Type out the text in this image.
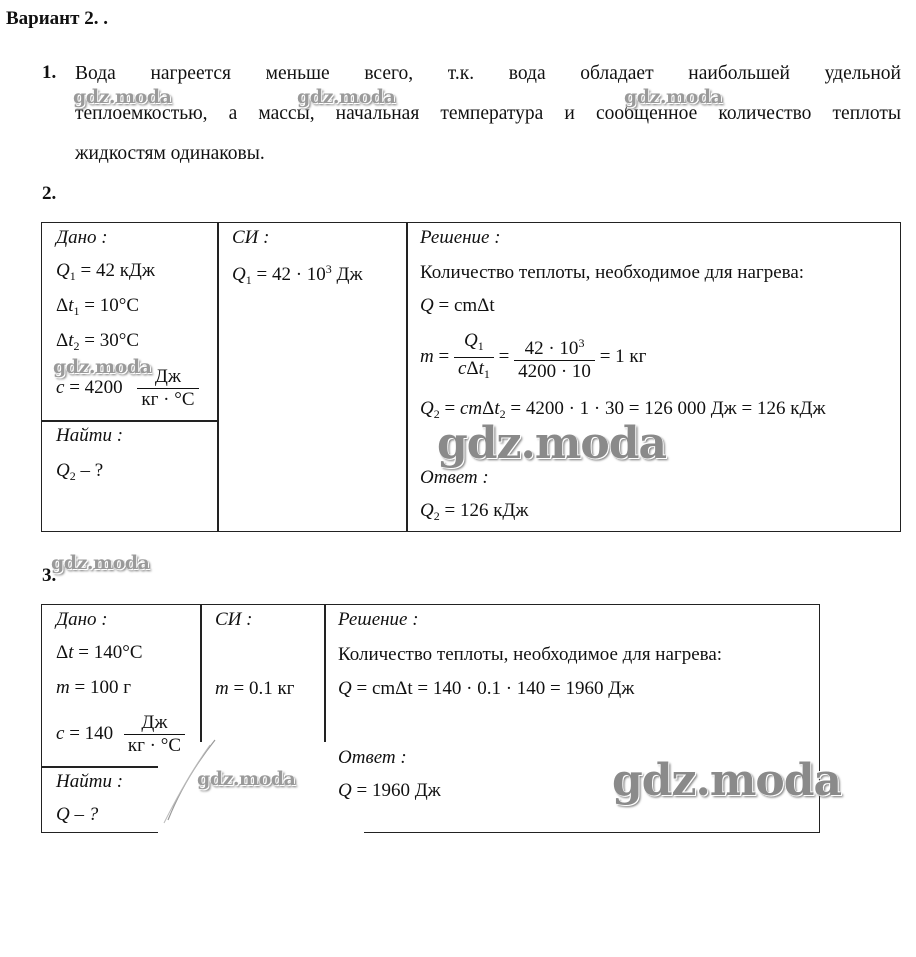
Вариант 2. .
1. Вода нагреется меньше всего, т.к. вода обладает наибольшей удельной
теплоемкостью, а массы, начальная температура и сообщенное количество теплоты
жидкостям одинаковы.
2.
Дано :
$Q_1 = 42$ кДж
$\Delta t_1 = 10^\circ C$
$\Delta t_2 = 30^\circ C$
$c = 4200 \frac{Дж}{кг \cdot ^\circ C}$
Найти :
$Q_2$ – ?
СИ :
$Q_1 = 42 \cdot 10^3$ Дж
Решение :
Количество теплоты, необходимое для нагрева:
Q = cmΔt
$m = \frac{Q_1}{c\Delta t_1} = \frac{42 \cdot 10^3}{4200 \cdot 10} = 1$ кг
$Q_2 = cm\Delta t_2 = 4200 \cdot 1 \cdot 30 = 126$ 000 Дж = 126 кДж
Ответ :
$Q_2 = 126$ кДж
3.
Дано :
Δt = 140°C
m = 100 г
$c = 140 \frac{Дж}{кг \cdot ^\circ C}$
Найти :
Q – ?
СИ :
m = 0.1 кг
Решение :
Количество теплоты, необходимое для нагрева:
Q = cmΔt = 140 · 0.1 · 140 = 1960 Дж
Ответ :
Q = 1960 Дж
gdz.moda	gdz.moda	gdz.moda
gdz.moda
gdz.moda
gdz.moda
gdz.moda	gdz.moda
